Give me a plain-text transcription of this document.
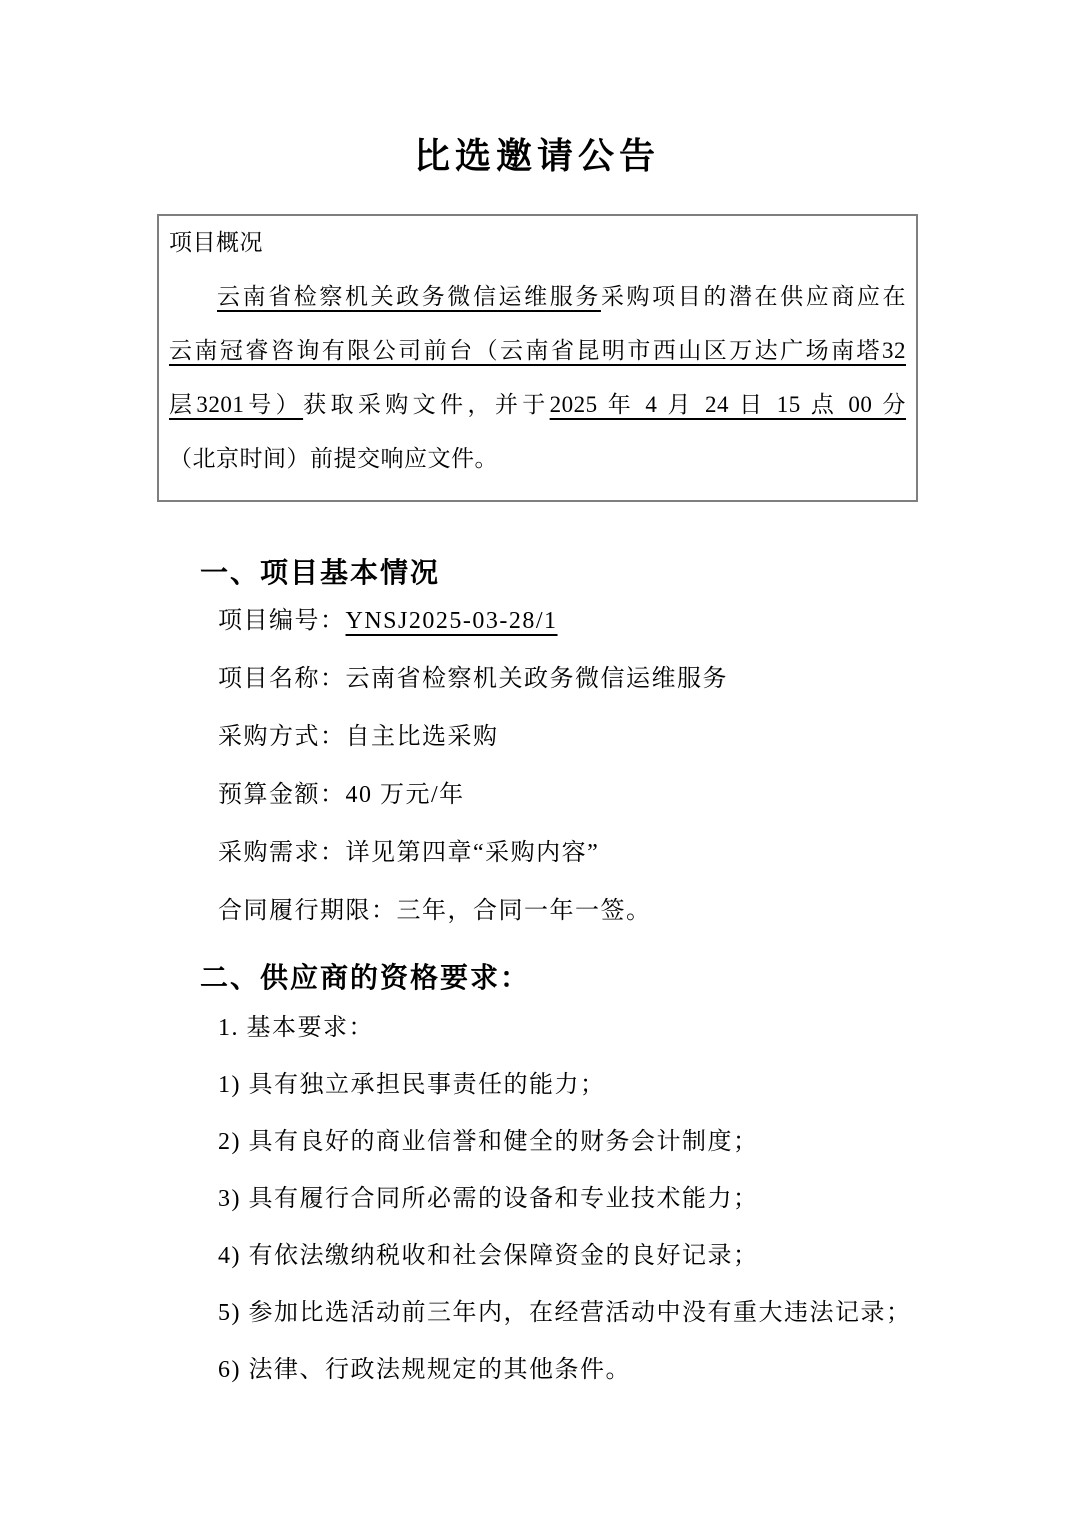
比选邀请公告
项目概况
云南省检察机关政务微信运维服务采购项目的潜在供应商应在
云南冠睿咨询有限公司前台（云南省昆明市西山区万达广场南塔32
层3201号）获取采购文件，并于2025 年 4 月 24 日 15 点 00 分
（北京时间）前提交响应文件。
一、项目基本情况

项目编号：YNSJ2025-03-28/1

项目名称：云南省检察机关政务微信运维服务

采购方式：自主比选采购

预算金额：40 万元/年

采购需求：详见第四章“采购内容”

合同履行期限：三年，合同一年一签。

二、供应商的资格要求：

1. 基本要求：

1) 具有独立承担民事责任的能力；

2) 具有良好的商业信誉和健全的财务会计制度；

3) 具有履行合同所必需的设备和专业技术能力；

4) 有依法缴纳税收和社会保障资金的良好记录；

5) 参加比选活动前三年内，在经营活动中没有重大违法记录；

6) 法律、行政法规规定的其他条件。
